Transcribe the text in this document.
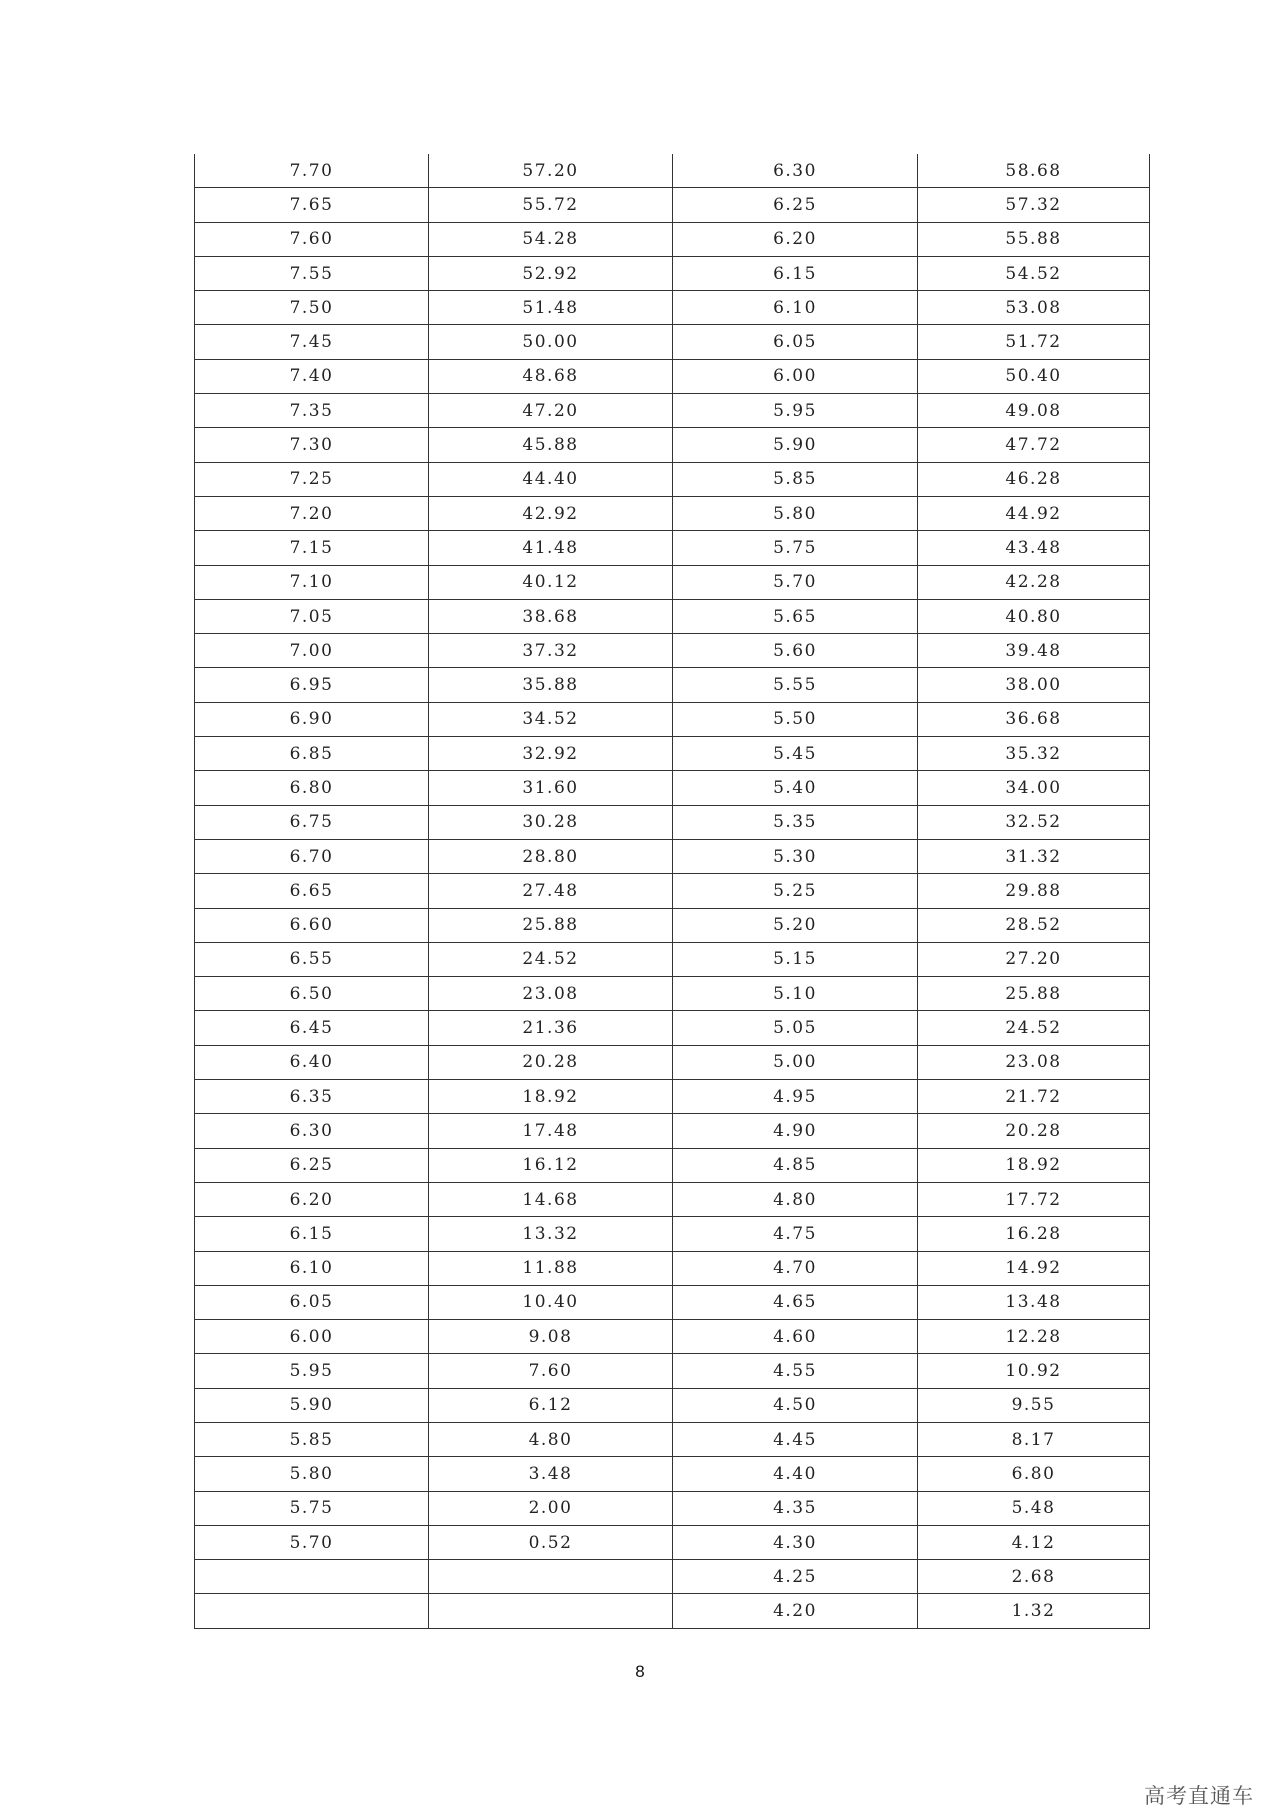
7.70	57.20	6.30	58.68
7.65	55.72	6.25	57.32
7.60	54.28	6.20	55.88
7.55	52.92	6.15	54.52
7.50	51.48	6.10	53.08
7.45	50.00	6.05	51.72
7.40	48.68	6.00	50.40
7.35	47.20	5.95	49.08
7.30	45.88	5.90	47.72
7.25	44.40	5.85	46.28
7.20	42.92	5.80	44.92
7.15	41.48	5.75	43.48
7.10	40.12	5.70	42.28
7.05	38.68	5.65	40.80
7.00	37.32	5.60	39.48
6.95	35.88	5.55	38.00
6.90	34.52	5.50	36.68
6.85	32.92	5.45	35.32
6.80	31.60	5.40	34.00
6.75	30.28	5.35	32.52
6.70	28.80	5.30	31.32
6.65	27.48	5.25	29.88
6.60	25.88	5.20	28.52
6.55	24.52	5.15	27.20
6.50	23.08	5.10	25.88
6.45	21.36	5.05	24.52
6.40	20.28	5.00	23.08
6.35	18.92	4.95	21.72
6.30	17.48	4.90	20.28
6.25	16.12	4.85	18.92
6.20	14.68	4.80	17.72
6.15	13.32	4.75	16.28
6.10	11.88	4.70	14.92
6.05	10.40	4.65	13.48
6.00	9.08	4.60	12.28
5.95	7.60	4.55	10.92
5.90	6.12	4.50	9.55
5.85	4.80	4.45	8.17
5.80	3.48	4.40	6.80
5.75	2.00	4.35	5.48
5.70	0.52	4.30	4.12
		4.25	2.68
		4.20	1.32
8
高考直通车
